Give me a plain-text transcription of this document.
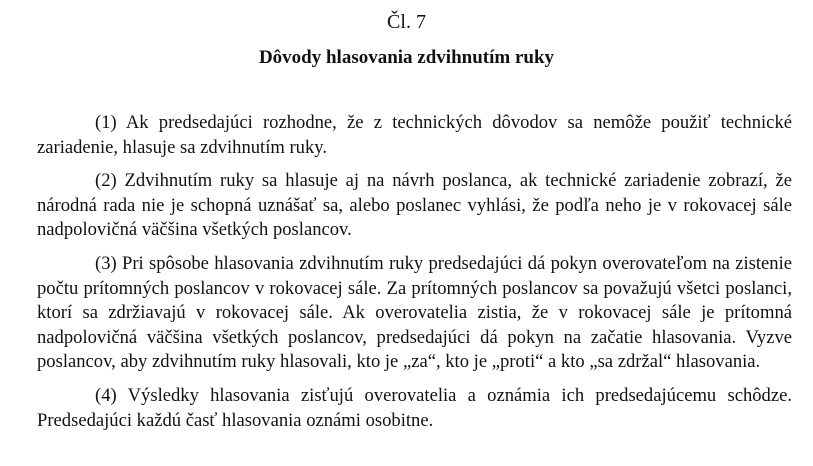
Čl. 7
Dôvody hlasovania zdvihnutím ruky

(1) Ak predsedajúci rozhodne, že z technických dôvodov sa nemôže použiť technické zariadenie, hlasuje sa zdvihnutím ruky.

(2) Zdvihnutím ruky sa hlasuje aj na návrh poslanca, ak technické zariadenie zobrazí, že národná rada nie je schopná uznášať sa, alebo poslanec vyhlási, že podľa neho je v rokovacej sále nadpolovičná väčšina všetkých poslancov.

(3) Pri spôsobe hlasovania zdvihnutím ruky predsedajúci dá pokyn overovateľom na zistenie počtu prítomných poslancov v rokovacej sále. Za prítomných poslancov sa považujú všetci poslanci, ktorí sa zdržiavajú v rokovacej sále. Ak overovatelia zistia, že v rokovacej sále je prítomná nadpolovičná väčšina všetkých poslancov, predsedajúci dá pokyn na začatie hlasovania. Vyzve poslancov, aby zdvihnutím ruky hlasovali, kto je „za“, kto je „proti“ a kto „sa zdržal“ hlasovania.

(4) Výsledky hlasovania zisťujú overovatelia a oznámia ich predsedajúcemu schôdze. Predsedajúci každú časť hlasovania oznámi osobitne.
